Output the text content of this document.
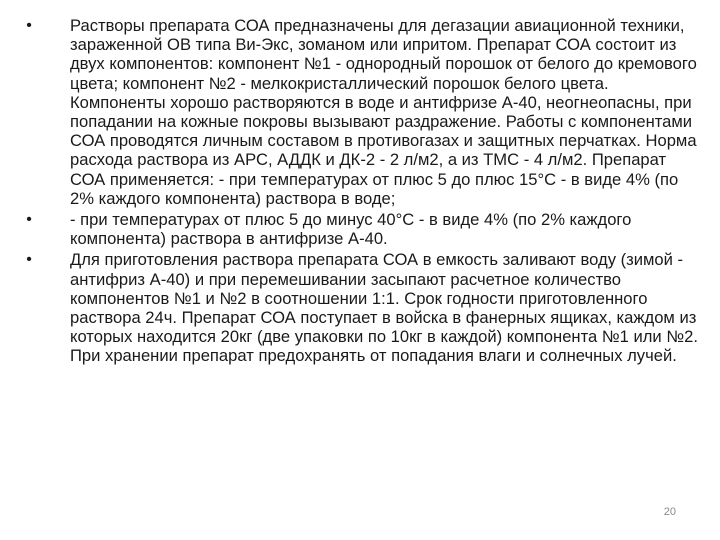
• Растворы препарата СОА предназначены для дегазации авиационной техники, зараженной ОВ типа Ви-Экс, зоманом или ипритом. Препарат СОА состоит из двух компонентов: компонент №1 - однородный порошок от белого до кремового цвета; компонент №2 - мелкокристаллический порошок белого цвета. Компоненты хорошо растворяются в воде и антифризе А-40, неогнеопасны, при попадании на кожные покровы вызывают раздражение. Работы с компонентами СОА проводятся личным составом в противогазах и защитных перчатках. Норма расхода раствора из АРС, АДДК и ДК-2 - 2 л/м2, а из ТМС - 4 л/м2. Препарат СОА применяется: - при температурах от плюс 5 до плюс 15°С - в виде 4% (по 2% каждого компонента) раствора в воде;
• - при температурах от плюс 5 до минус 40°С - в виде 4% (по 2% каждого компонента) раствора в антифризе А-40.
• Для приготовления раствора препарата СОА в емкость заливают воду (зимой - антифриз А-40) и при перемешивании засыпают расчетное количество компонентов №1 и №2 в соотношении 1:1. Срок годности приготовленного раствора 24ч. Препарат СОА поступает в войска в фанерных ящиках, каждом из которых находится 20кг (две упаковки по 10кг в каждой) компонента №1 или №2. При хранении препарат предохранять от попадания влаги и солнечных лучей.
20
